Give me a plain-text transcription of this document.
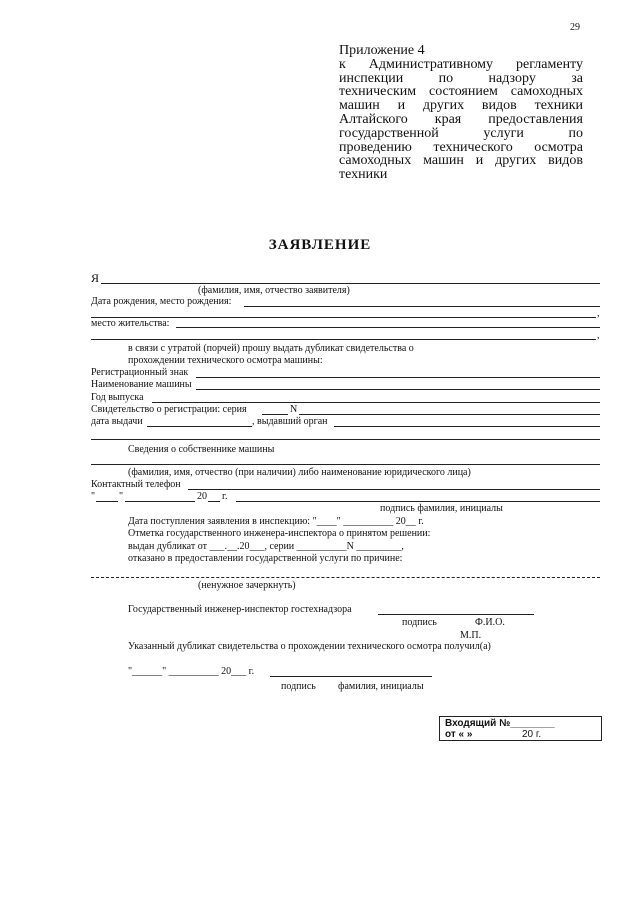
29
Приложение 4
к Административному регламенту
инспекции по надзору за
техническим состоянием самоходных
машин и других видов техники
Алтайского края предоставления
государственной услуги по
проведению технического осмотра
самоходных машин и других видов
техники
ЗАЯВЛЕНИЕ
Я
(фамилия, имя, отчество заявителя)
Дата рождения, место рождения:
,
место жительства:
,
в связи с утратой (порчей) прошу выдать дубликат свидетельства о
прохождении технического осмотра машины:
Регистрационный знак
Наименование машины
Год выпуска
Свидетельство о регистрации: серия	N
дата выдачи	, выдавший орган
Сведения о собственнике машины
(фамилия, имя, отчество (при наличии) либо наименование юридического лица)
Контактный телефон
" "	20 г.
подпись фамилия, инициалы
Дата поступления заявления в инспекцию: "____" __________ 20__ г.
Отметка государственного инженера-инспектора о принятом решении:
выдан дубликат от ___.__.20___, серии __________N _________,
отказано в предоставлении государственной услуги по причине:
(ненужное зачеркнуть)
Государственный инженер-инспектор гостехнадзора
подпись	Ф.И.О.
М.П.
Указанный дубликат свидетельства о прохождении технического осмотра получил(а)
"______" __________ 20___ г.
подпись фамилия, инициалы
Входящий №________
от « »	20 г.
